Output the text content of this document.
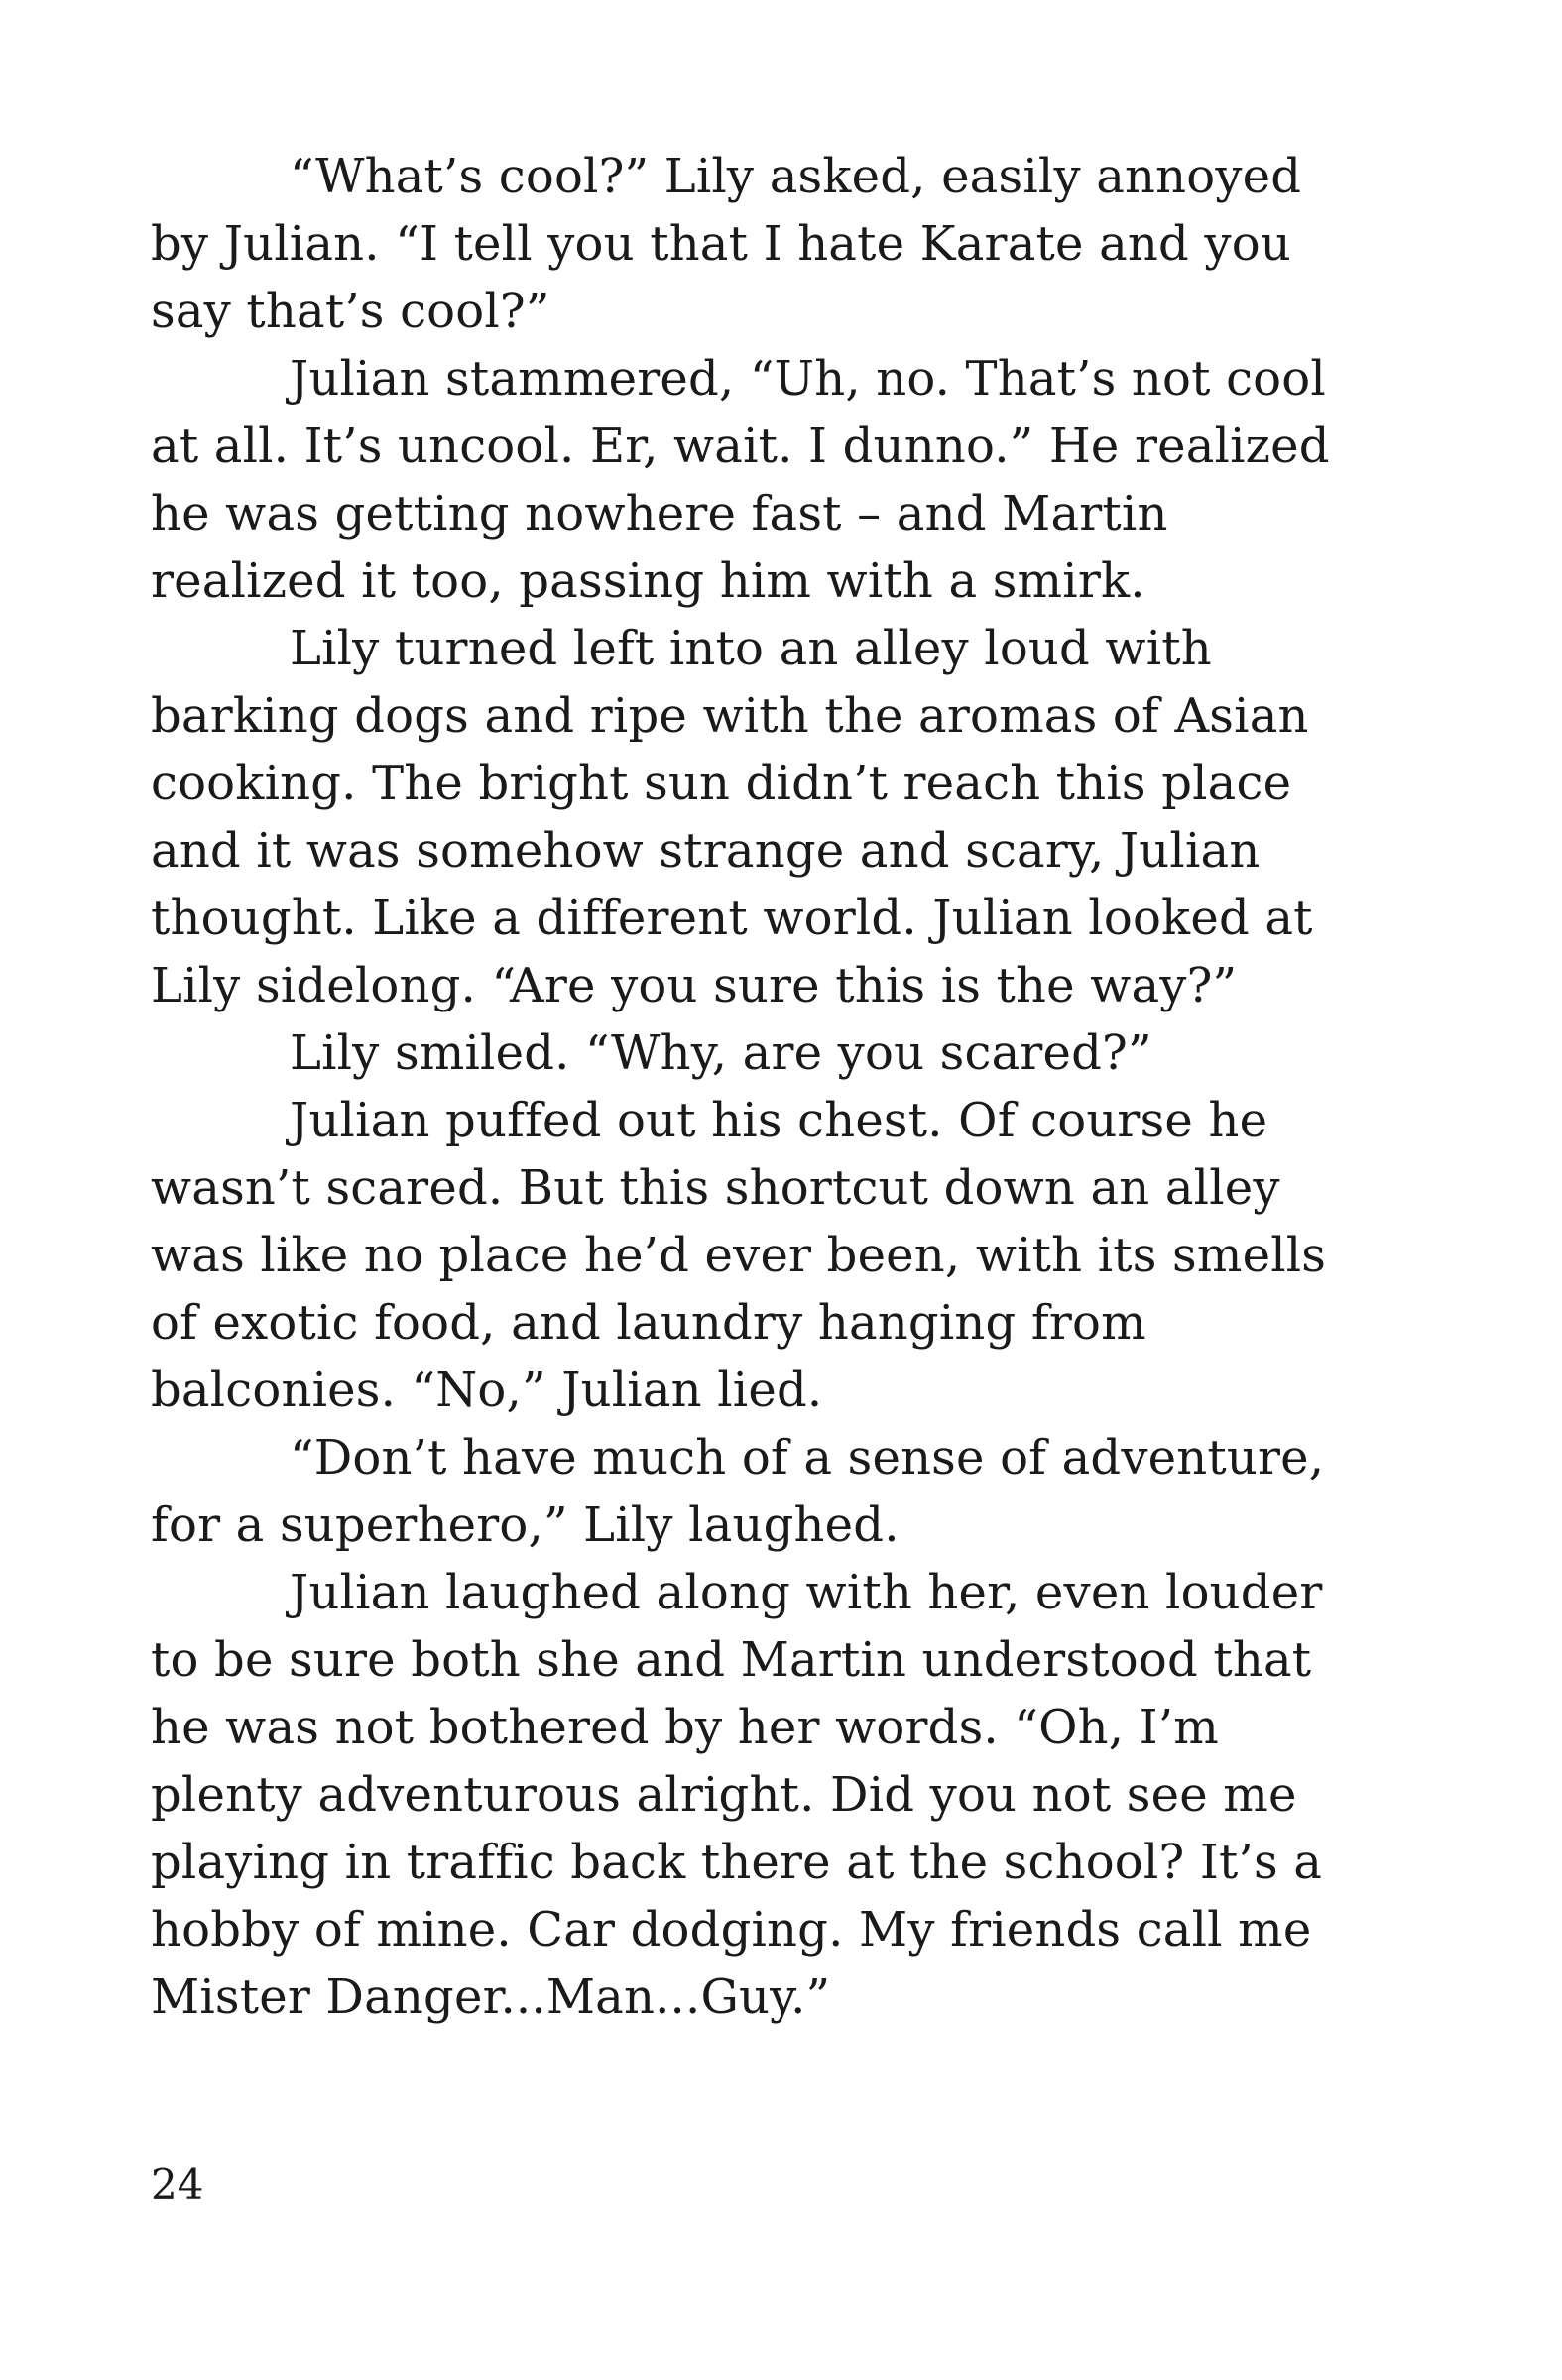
“What’s cool?” Lily asked, easily annoyed by Julian. “I tell you that I hate Karate and you say that’s cool?”

Julian stammered, “Uh, no. That’s not cool at all. It’s uncool. Er, wait. I dunno.” He realized he was getting nowhere fast – and Martin realized it too, passing him with a smirk.

Lily turned left into an alley loud with barking dogs and ripe with the aromas of Asian cooking. The bright sun didn’t reach this place and it was somehow strange and scary, Julian thought. Like a different world. Julian looked at Lily sidelong. “Are you sure this is the way?”

Lily smiled. “Why, are you scared?”

Julian puffed out his chest. Of course he wasn’t scared. But this shortcut down an alley was like no place he’d ever been, with its smells of exotic food, and laundry hanging from balconies. “No,” Julian lied.

“Don’t have much of a sense of adventure, for a superhero,” Lily laughed.

Julian laughed along with her, even louder to be sure both she and Martin understood that he was not bothered by her words. “Oh, I’m plenty adventurous alright. Did you not see me playing in traffic back there at the school? It’s a hobby of mine. Car dodging. My friends call me Mister Danger...Man...Guy.”

24
